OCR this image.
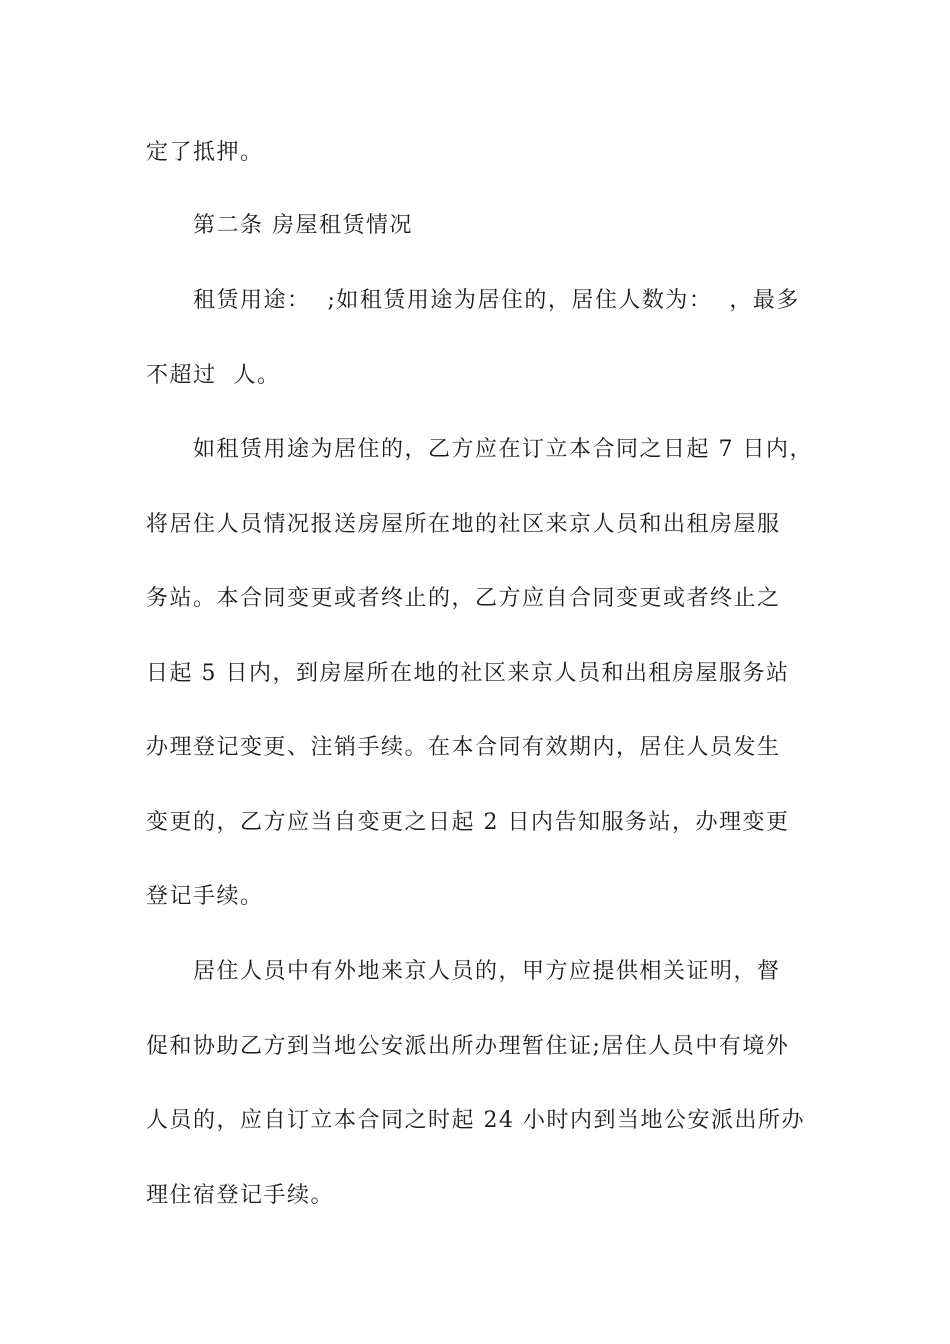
定了抵押。
第二条 房屋租赁情况
租赁用途：  ;如租赁用途为居住的，居住人数为：  ，最多
不超过  人。
如租赁用途为居住的，乙方应在订立本合同之日起 7 日内，
将居住人员情况报送房屋所在地的社区来京人员和出租房屋服
务站。本合同变更或者终止的，乙方应自合同变更或者终止之
日起 5 日内，到房屋所在地的社区来京人员和出租房屋服务站
办理登记变更、注销手续。在本合同有效期内，居住人员发生
变更的，乙方应当自变更之日起 2 日内告知服务站，办理变更
登记手续。
居住人员中有外地来京人员的，甲方应提供相关证明，督
促和协助乙方到当地公安派出所办理暂住证;居住人员中有境外
人员的，应自订立本合同之时起 24 小时内到当地公安派出所办
理住宿登记手续。
